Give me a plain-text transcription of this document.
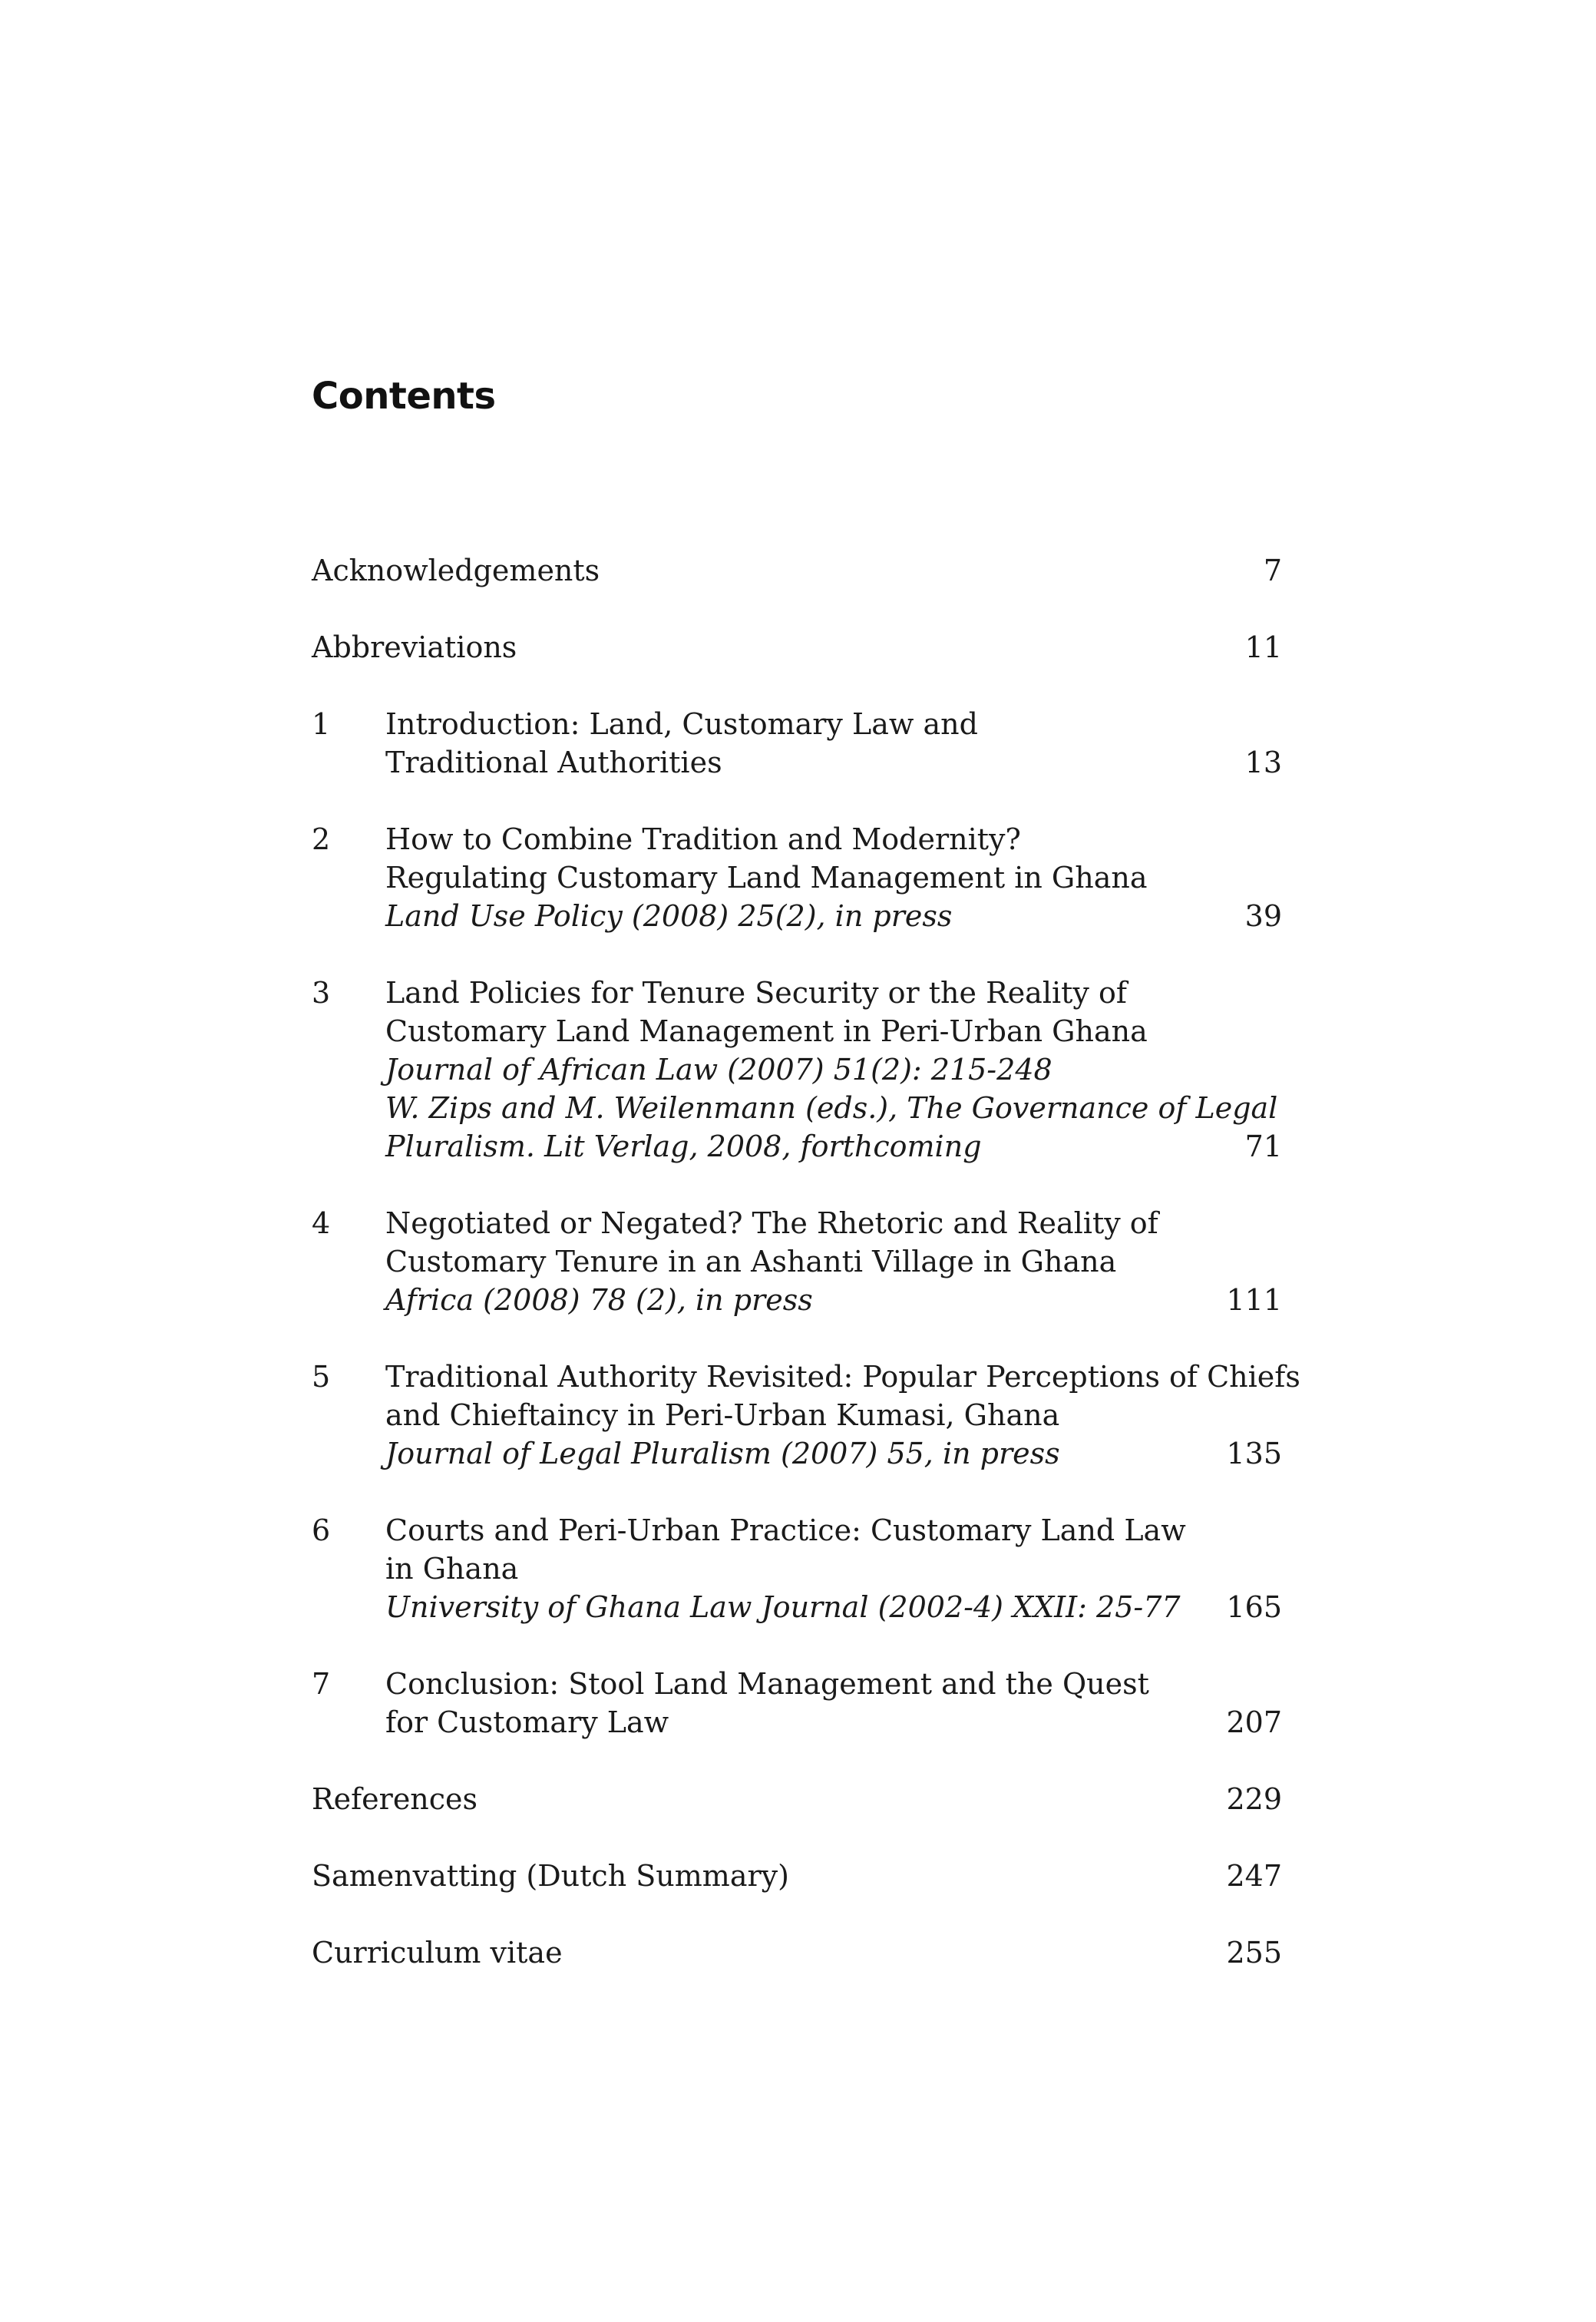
Contents
Acknowledgements	7
Abbreviations	11
1	Introduction: Land, Customary Law and
Traditional Authorities	13
2	How to Combine Tradition and Modernity?
Regulating Customary Land Management in Ghana
Land Use Policy (2008) 25(2), in press	39
3	Land Policies for Tenure Security or the Reality of
Customary Land Management in Peri-Urban Ghana
Journal of African Law (2007) 51(2): 215-248
W. Zips and M. Weilenmann (eds.), The Governance of Legal
Pluralism. Lit Verlag, 2008, forthcoming	71
4	Negotiated or Negated? The Rhetoric and Reality of
Customary Tenure in an Ashanti Village in Ghana
Africa (2008) 78 (2), in press	111
5	Traditional Authority Revisited: Popular Perceptions of Chiefs
and Chieftaincy in Peri-Urban Kumasi, Ghana
Journal of Legal Pluralism (2007) 55, in press	135
6	Courts and Peri-Urban Practice: Customary Land Law
in Ghana
University of Ghana Law Journal (2002-4) XXII: 25-77	165
7	Conclusion: Stool Land Management and the Quest
for Customary Law	207
References	229
Samenvatting (Dutch Summary)	247
Curriculum vitae	255
